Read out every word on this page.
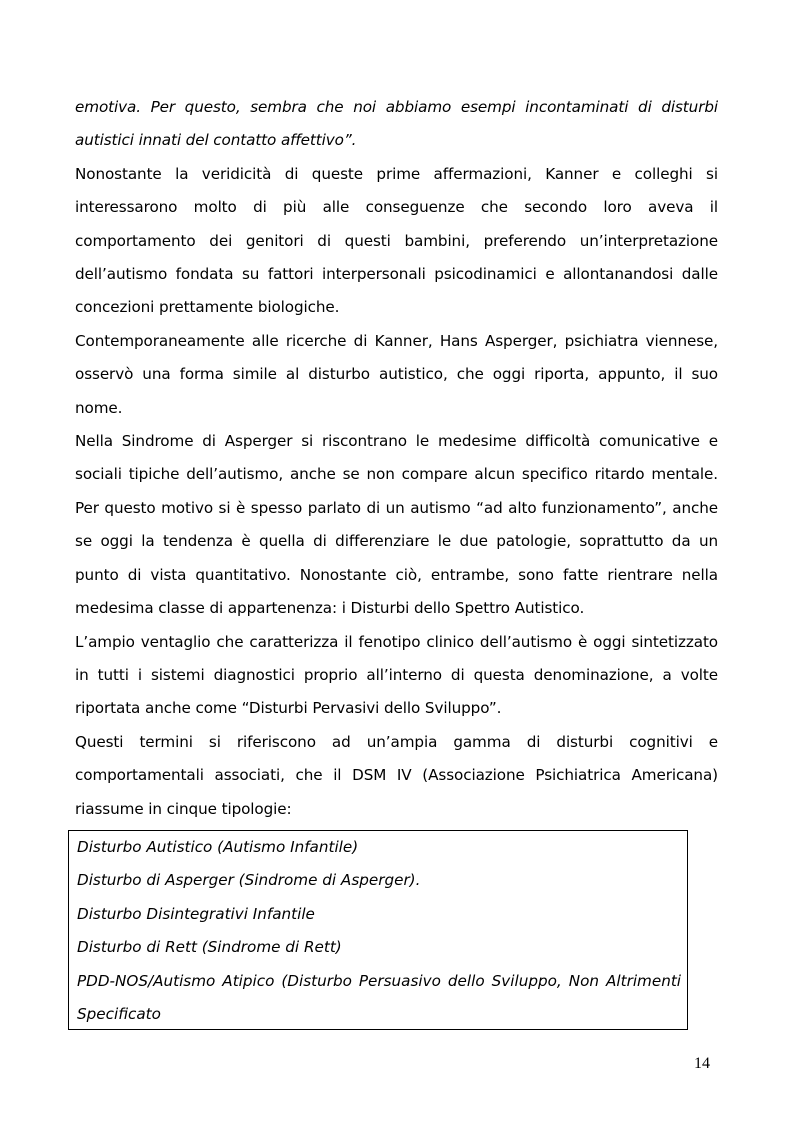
emotiva. Per questo, sembra che noi abbiamo esempi incontaminati di disturbi autistici innati del contatto affettivo”.

Nonostante la veridicità di queste prime affermazioni, Kanner e colleghi si interessarono molto di più alle conseguenze che secondo loro aveva il comportamento dei genitori di questi bambini, preferendo un’interpretazione dell’autismo fondata su fattori interpersonali psicodinamici e allontanandosi dalle concezioni prettamente biologiche.

Contemporaneamente alle ricerche di Kanner, Hans Asperger, psichiatra viennese, osservò una forma simile al disturbo autistico, che oggi riporta, appunto, il suo nome.

Nella Sindrome di Asperger si riscontrano le medesime difficoltà comunicative e sociali tipiche dell’autismo, anche se non compare alcun specifico ritardo mentale. Per questo motivo si è spesso parlato di un autismo “ad alto funzionamento”, anche se oggi la tendenza è quella di differenziare le due patologie, soprattutto da un punto di vista quantitativo. Nonostante ciò, entrambe, sono fatte rientrare nella medesima classe di appartenenza: i Disturbi dello Spettro Autistico.

L’ampio ventaglio che caratterizza il fenotipo clinico dell’autismo è oggi sintetizzato in tutti i sistemi diagnostici proprio all’interno di questa denominazione, a volte riportata anche come “Disturbi Pervasivi dello Sviluppo”.

Questi termini si riferiscono ad un’ampia gamma di disturbi cognitivi e comportamentali associati, che il DSM IV (Associazione Psichiatrica Americana) riassume in cinque tipologie:

Disturbo Autistico (Autismo Infantile)

Disturbo di Asperger (Sindrome di Asperger).

Disturbo Disintegrativi Infantile

Disturbo di Rett (Sindrome di Rett)

PDD-NOS/Autismo Atipico (Disturbo Persuasivo dello Sviluppo, Non Altrimenti Specificato

14
